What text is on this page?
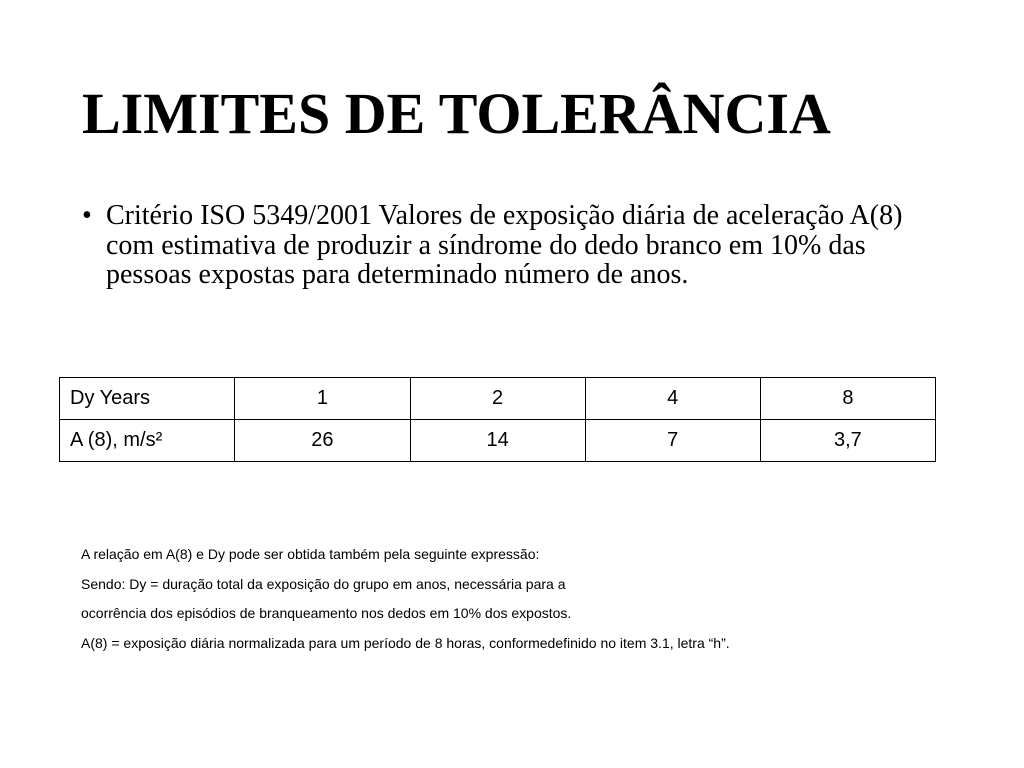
LIMITES DE TOLERÂNCIA
• Critério ISO 5349/2001 Valores de exposição diária de aceleração A(8) com estimativa de produzir a síndrome do dedo branco em 10% das pessoas expostas para determinado número de anos.
Dy Years	1	2	4	8
A (8), m/s²	26	14	7	3,7
A relação em A(8) e Dy pode ser obtida também pela seguinte expressão:
Sendo: Dy = duração total da exposição do grupo em anos, necessária para a
ocorrência dos episódios de branqueamento nos dedos em 10% dos expostos.
A(8) = exposição diária normalizada para um período de 8 horas, conformedefinido no item 3.1, letra “h”.
